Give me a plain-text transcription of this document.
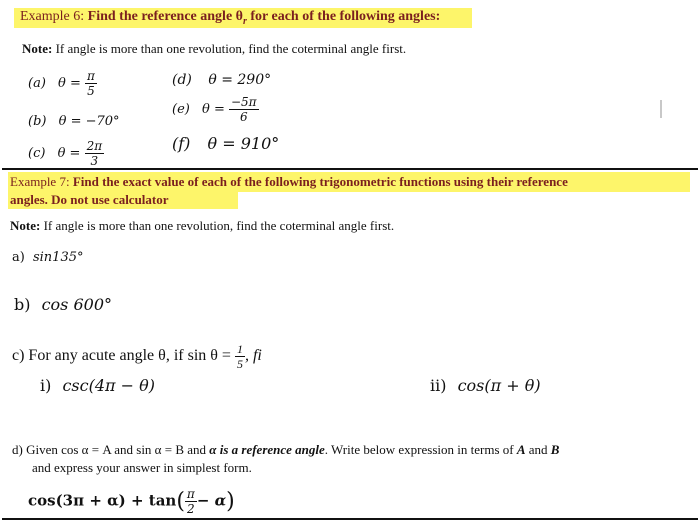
Example 6: Find the reference angle $\theta_r$ for each of the following angles:
Note: If angle is more than one revolution, find the coterminal angle first.
(a) $\theta = \frac{\pi}{5}$
(b) θ = −70°
(c) $\theta = \frac{2\pi}{3}$
(d) θ = 290°
(e) $\theta = \frac{-5\pi}{6}$
(f) θ = 910°
Example 7: Find the exact value of each of the following trigonometric functions using their reference
angles. Do not use calculator
Note: If angle is more than one revolution, find the coterminal angle first.
a) sin135°
b) cos 600°
c) For any acute angle θ, if $\sin \theta = \frac{1}{5}$ , fi
i) csc(4π − θ)	ii) cos(π + θ)
d) Given cos α = A and sin α = B and α is a reference angle. Write below expression in terms of A and B
and express your answer in simplest form.
$\cos(3\pi + \alpha) + \tan( \frac{\pi}{2} - \alpha)$
